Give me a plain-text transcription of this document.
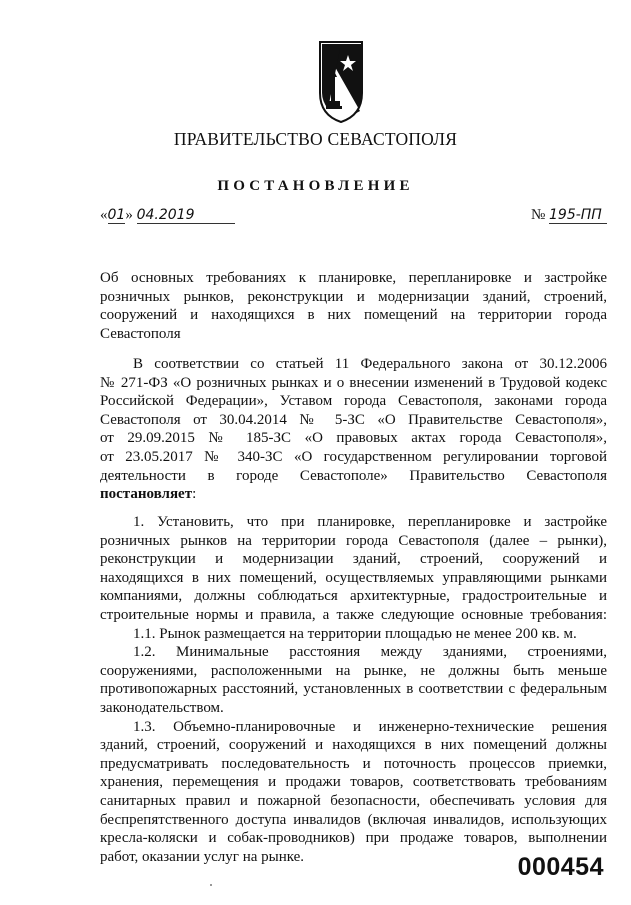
ПРАВИТЕЛЬСТВО СЕВАСТОПОЛЯ
ПОСТАНОВЛЕНИЕ
«01» 04.2019	№ 195-ПП

Об основных требованиях к планировке, перепланировке и застройке

розничных рынков, реконструкции и модернизации зданий, строений,

сооружений и находящихся в них помещений на территории города

Севастополя

В соответствии со статьей 11 Федерального закона от 30.12.2006

№ 271-ФЗ «О розничных рынках и о внесении изменений в Трудовой кодекс

Российской Федерации», Уставом города Севастополя, законами города

Севастополя от 30.04.2014 № 5-ЗС «О Правительстве Севастополя»,

от 29.09.2015 № 185-ЗС «О правовых актах города Севастополя»,

от 23.05.2017 № 340-ЗС «О государственном регулировании торговой

деятельности в городе Севастополе» Правительство Севастополя

постановляет:

1. Установить, что при планировке, перепланировке и застройке

розничных рынков на территории города Севастополя (далее – рынки),

реконструкции и модернизации зданий, строений, сооружений и

находящихся в них помещений, осуществляемых управляющими рынками

компаниями, должны соблюдаться архитектурные, градостроительные и

строительные нормы и правила, а также следующие основные требования:

1.1. Рынок размещается на территории площадью не менее 200 кв. м.

1.2. Минимальные расстояния между зданиями, строениями,

сооружениями, расположенными на рынке, не должны быть меньше

противопожарных расстояний, установленных в соответствии с федеральным

законодательством.

1.3. Объемно-планировочные и инженерно-технические решения

зданий, строений, сооружений и находящихся в них помещений должны

предусматривать последовательность и поточность процессов приемки,

хранения, перемещения и продажи товаров, соответствовать требованиям

санитарных правил и пожарной безопасности, обеспечивать условия для

беспрепятственного доступа инвалидов (включая инвалидов, использующих

кресла-коляски и собак-проводников) при продаже товаров, выполнении

работ, оказании услуг на рынке.	000454
